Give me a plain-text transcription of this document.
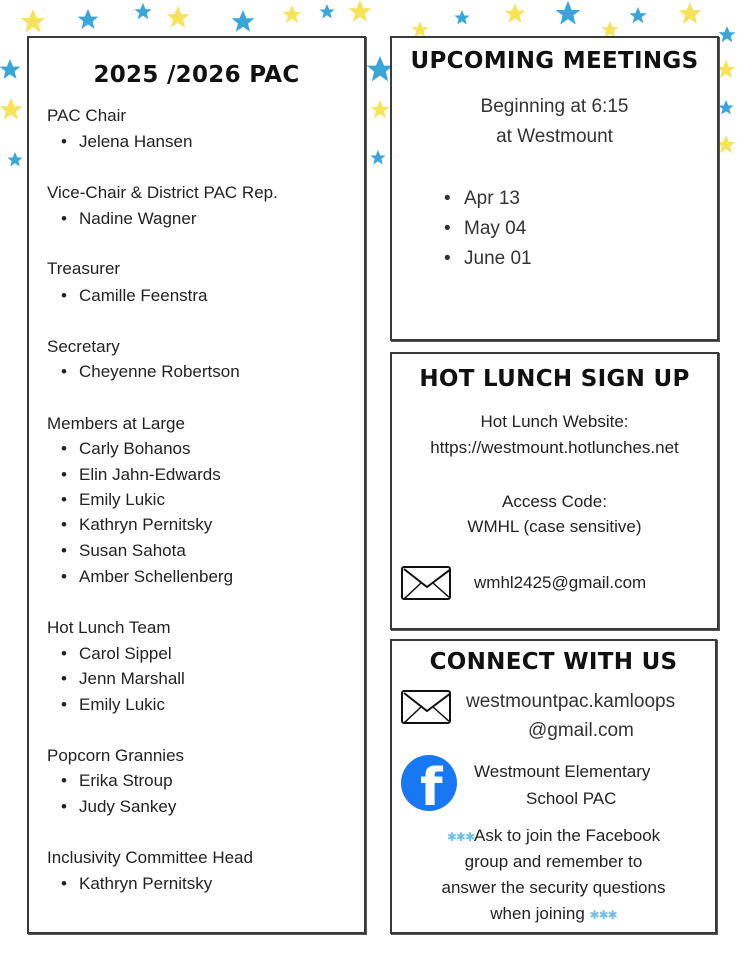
2025 /2026 PAC
PAC Chair
• Jelena Hansen
Vice-Chair & District PAC Rep.
• Nadine Wagner
Treasurer
• Camille Feenstra
Secretary
• Cheyenne Robertson
Members at Large
• Carly Bohanos
• Elin Jahn-Edwards
• Emily Lukic
• Kathryn Pernitsky
• Susan Sahota
• Amber Schellenberg
Hot Lunch Team
• Carol Sippel
• Jenn Marshall
• Emily Lukic
Popcorn Grannies
• Erika Stroup
• Judy Sankey
Inclusivity Committee Head
• Kathryn Pernitsky
UPCOMING MEETINGS
Beginning at 6:15
at Westmount
• Apr 13
• May 04
• June 01
HOT LUNCH SIGN UP
Hot Lunch Website:
https://westmount.hotlunches.net
Access Code:
WMHL (case sensitive)
wmhl2425@gmail.com
CONNECT WITH US
westmountpac.kamloops
@gmail.com
f Westmount Elementary
School PAC
✱✱✱Ask to join the Facebook
group and remember to
answer the security questions
when joining ✱✱✱
